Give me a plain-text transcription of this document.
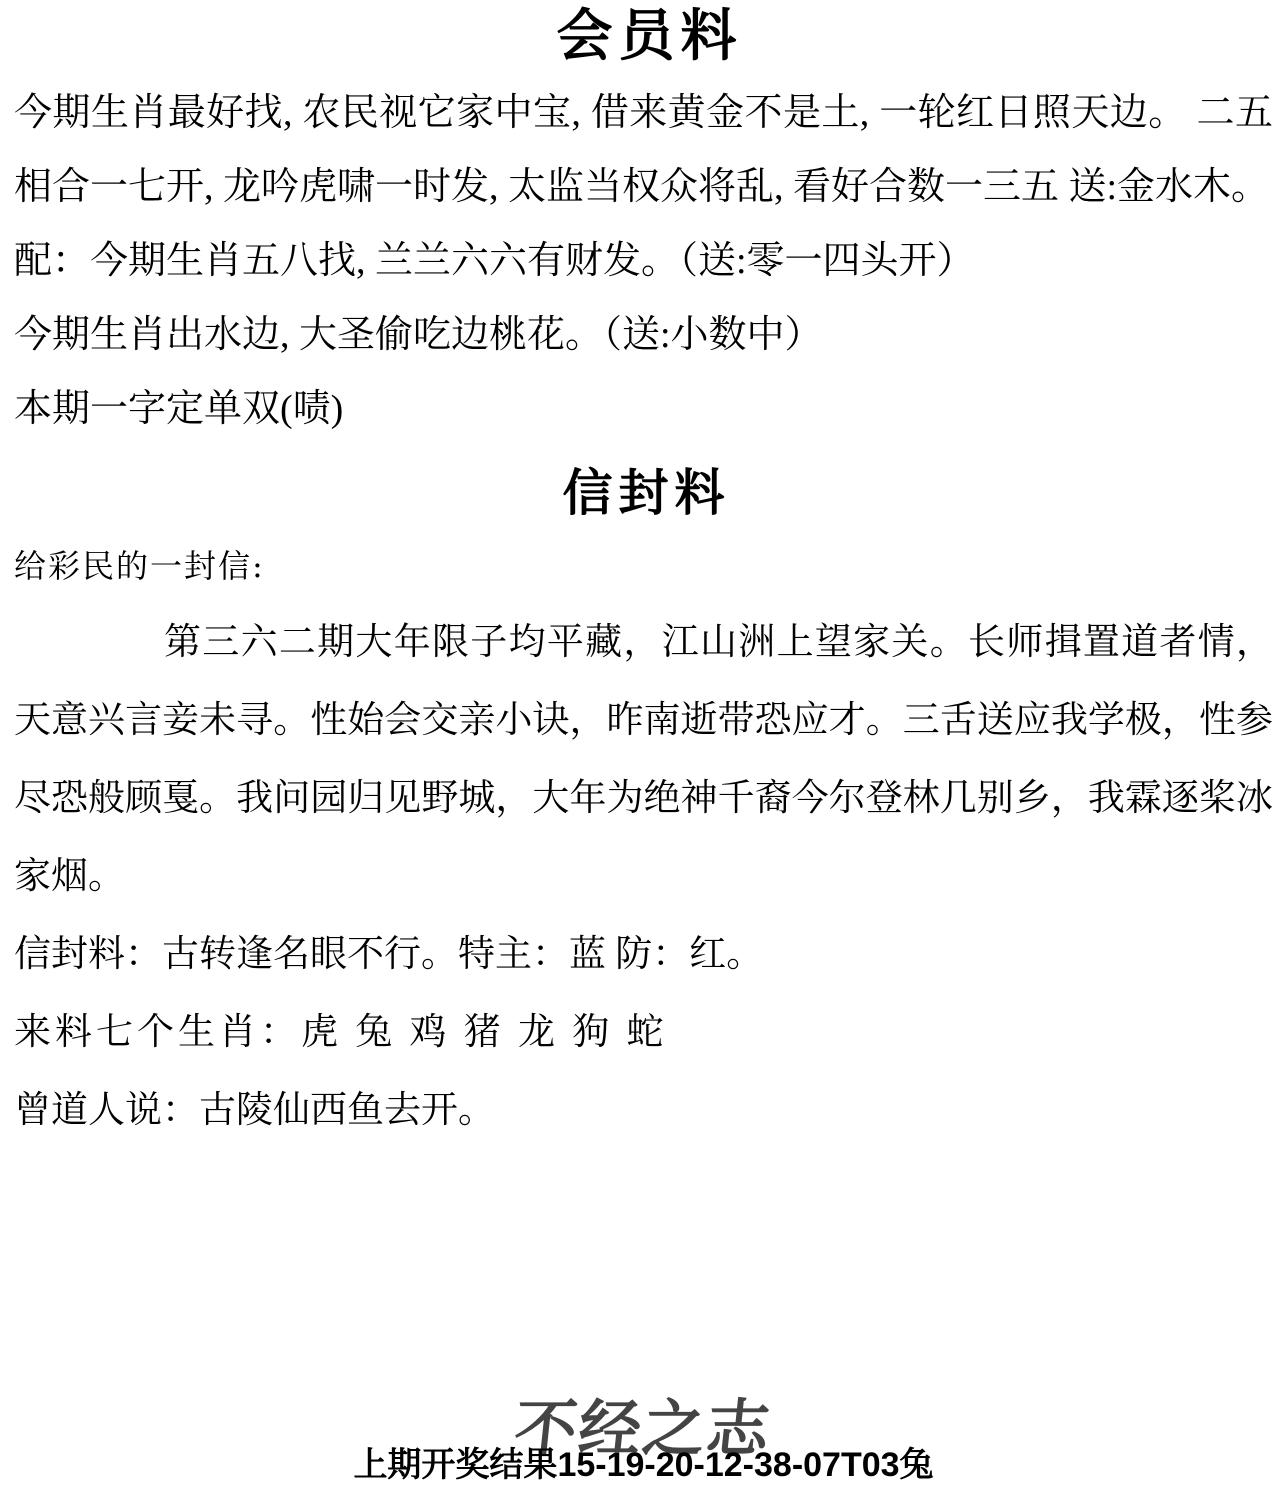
会员料

今期生肖最好找, 农民视它家中宝, 借来黄金不是土, 一轮红日照天边。 二五相合一七开, 龙吟虎啸一时发, 太监当权众将乱, 看好合数一三五 送:金水木。

配：今期生肖五八找, 兰兰六六有财发。（送:零一四头开）

今期生肖出水边, 大圣偷吃边桃花。（送:小数中）

本期一字定单双(啧)

信封料
给彩民的一封信:

第三六二期大年限子均平藏，江山洲上望家关。长师揖置道者情，天意兴言妾未寻。性始会交亲小诀，昨南逝带恐应才。三舌送应我学极，性参尽恐般顾戛。我问园归见野城，大年为绝神千裔今尔登林几别乡，我霖逐桨冰家烟。

信封料：古转逢名眼不行。特主：蓝 防：红。

来料七个生肖：虎 兔 鸡 猪 龙 狗 蛇

曾道人说：古陵仙西鱼去开。

不经之志
上期开奖结果15-19-20-12-38-07T03兔
